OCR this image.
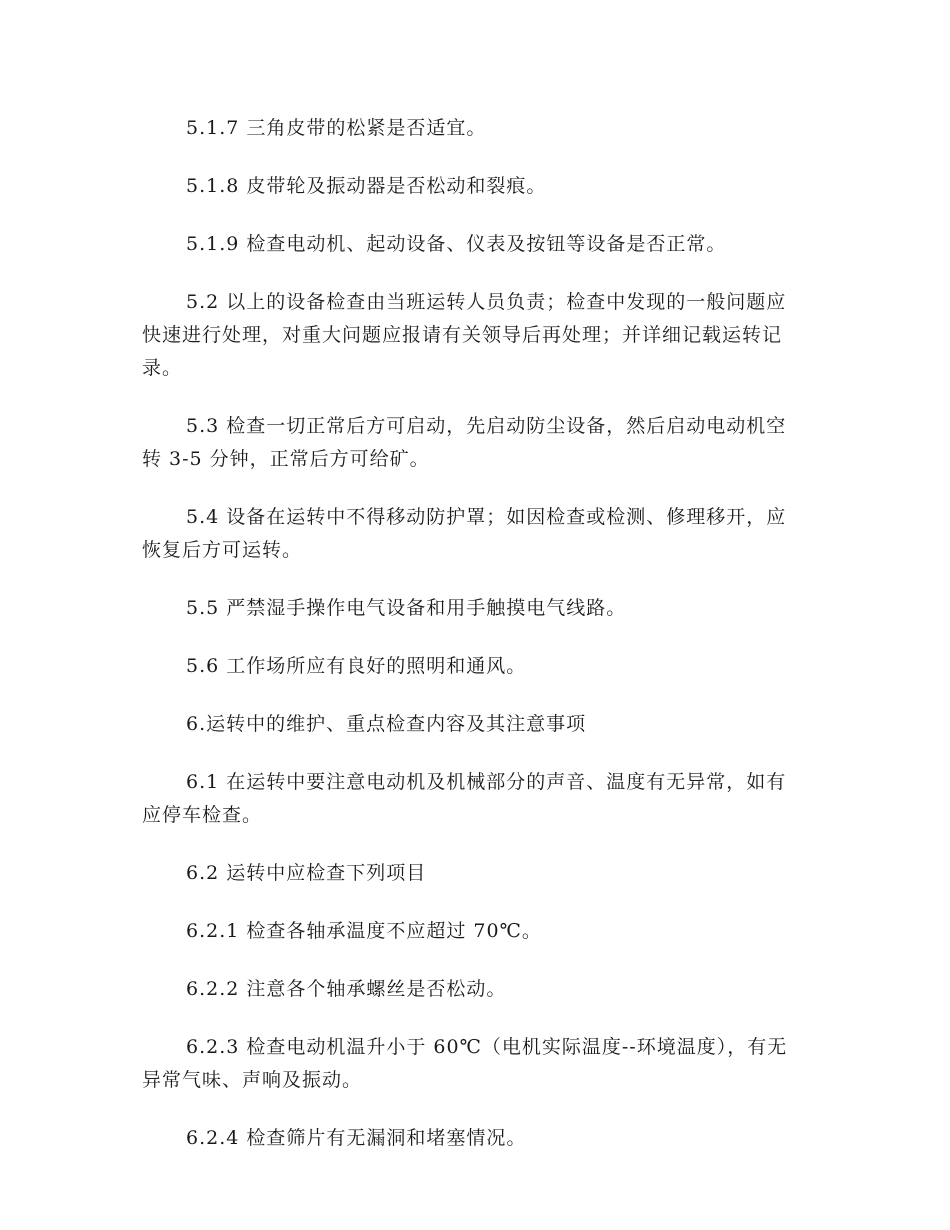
5.1.7 三角皮带的松紧是否适宜。

5.1.8 皮带轮及振动器是否松动和裂痕。

5.1.9 检查电动机、起动设备、仪表及按钮等设备是否正常。

5.2 以上的设备检查由当班运转人员负责；检查中发现的一般问题应快速进行处理，对重大问题应报请有关领导后再处理；并详细记载运转记录。

5.3 检查一切正常后方可启动，先启动防尘设备，然后启动电动机空转 3-5 分钟，正常后方可给矿。

5.4 设备在运转中不得移动防护罩；如因检查或检测、修理移开，应恢复后方可运转。

5.5 严禁湿手操作电气设备和用手触摸电气线路。

5.6 工作场所应有良好的照明和通风。

6.运转中的维护、重点检查内容及其注意事项

6.1 在运转中要注意电动机及机械部分的声音、温度有无异常，如有应停车检查。

6.2 运转中应检查下列项目

6.2.1 检查各轴承温度不应超过 70℃。

6.2.2 注意各个轴承螺丝是否松动。

6.2.3 检查电动机温升小于 60℃（电机实际温度--环境温度），有无异常气味、声响及振动。

6.2.4 检查筛片有无漏洞和堵塞情况。
